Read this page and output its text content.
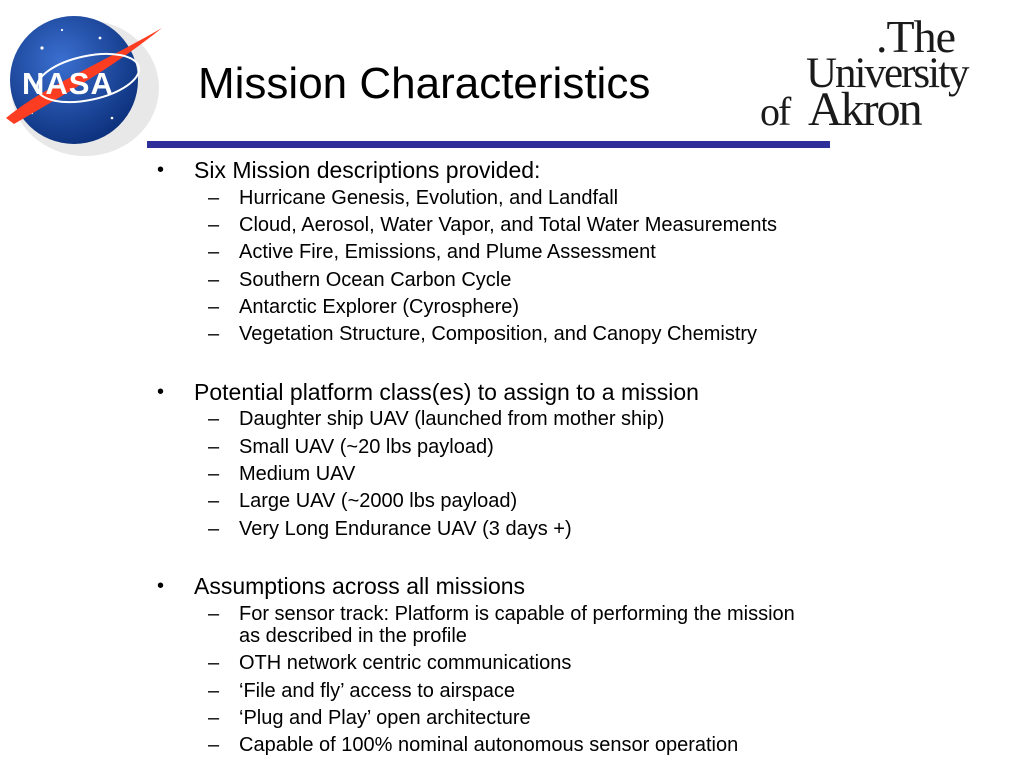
NASA Mission Characteristics
.The
University
of Akron
• Six Mission descriptions provided:
– Hurricane Genesis, Evolution, and Landfall
– Cloud, Aerosol, Water Vapor, and Total Water Measurements
– Active Fire, Emissions, and Plume Assessment
– Southern Ocean Carbon Cycle
– Antarctic Explorer (Cyrosphere)
– Vegetation Structure, Composition, and Canopy Chemistry
• Potential platform class(es) to assign to a mission
– Daughter ship UAV (launched from mother ship)
– Small UAV (~20 lbs payload)
– Medium UAV
– Large UAV (~2000 lbs payload)
– Very Long Endurance UAV (3 days +)
• Assumptions across all missions
– For sensor track: Platform is capable of performing the mission
as described in the profile
– OTH network centric communications
– ‘File and fly’ access to airspace
– ‘Plug and Play’ open architecture
– Capable of 100% nominal autonomous sensor operation
